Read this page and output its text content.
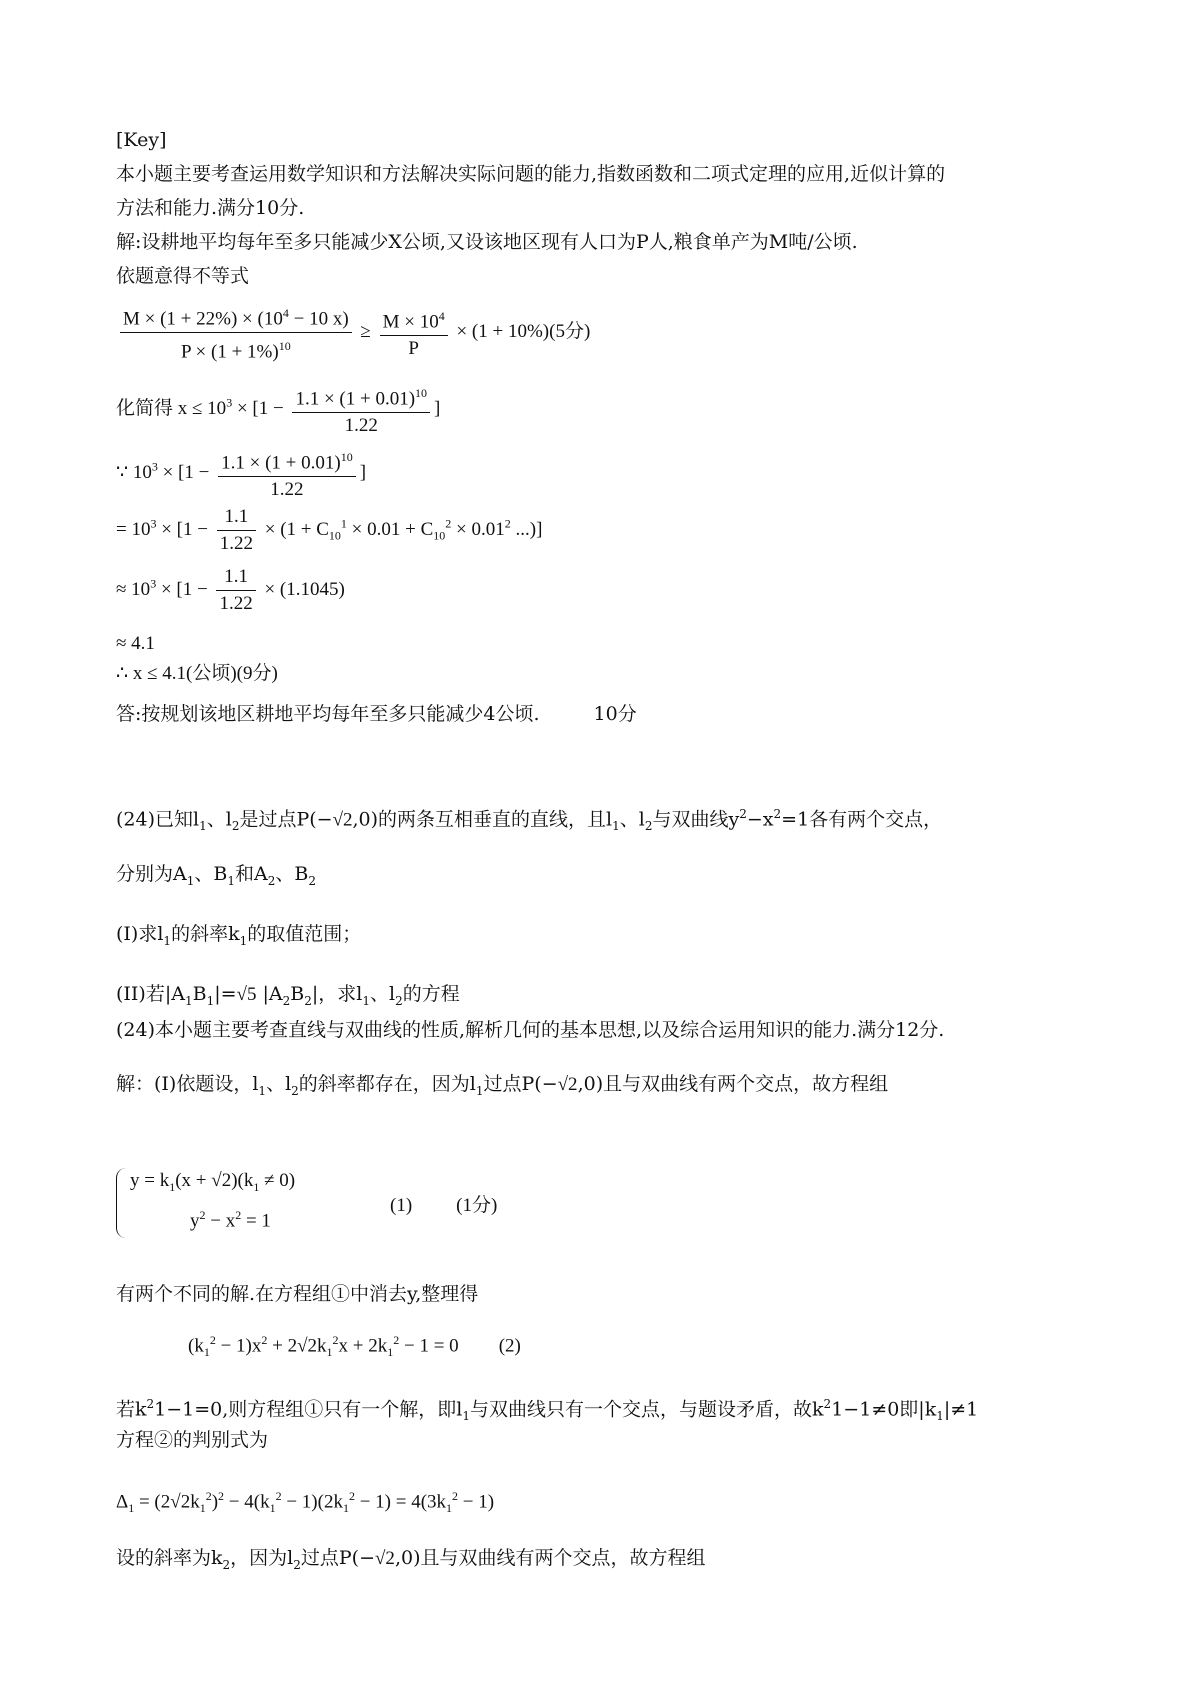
[Key]
本小题主要考查运用数学知识和方法解决实际问题的能力,指数函数和二项式定理的应用,近似计算的
方法和能力.满分10分.
解:设耕地平均每年至多只能减少X公顷,又设该地区现有人口为P人,粮食单产为M吨/公顷.
依题意得不等式
$\frac{M \times (1 + 22\%) \times (10^4 - 10 x)}{P \times (1 + 1\%)^{10}} \ge \frac{M \times 10^4}{P} \times (1 + 10\%)(5$分)
化简得 $x \le 10^3 \times [1 - \frac{1.1 \times (1 + 0.01)^{10}}{1.22}$ ]
∵ $10^3 \times [1 - \frac{1.1 \times (1 + 0.01)^{10}}{1.22}$ ]
= $10^3 \times [1 - \frac{1.1}{1.22} \times (1 + C_{10}^1 \times 0.01 + C_{10}^2 \times 0.01^2$ ...)]
≈ $10^3 \times [1 - \frac{1.1}{1.22} \times (1.1045)$
≈ 4.1
∴ x ≤ 4.1(公顷)(9分)
答:按规划该地区耕地平均每年至多只能减少4公顷.	10分
(24)已知$l_1$、$l_2$是过点P(−√2,0)的两条互相垂直的直线，且$l_1$、$l_2$与双曲线$y^2-x^2=1$各有两个交点，
分别为$A_1$、$B_1$和$A_2$、$B_2$
(I)求$l_1$的斜率$k_1$的取值范围；
(II)若$|A_1B_1|=√5$ $|A_2B_2|$，求$l_1$、$l_2$的方程
(24)本小题主要考查直线与双曲线的性质,解析几何的基本思想,以及综合运用知识的能力.满分12分.
解：(I)依题设，$l_1$、$l_2$的斜率都存在，因为$l_1$过点P(−√2,0)且与双曲线有两个交点，故方程组
$y = k_1(x + √2)(k_1 \ne 0)$
$y^2 - x^2 = 1$
(1) (1分)
有两个不同的解.在方程组①中消去y,整理得
$(k_1^2 - 1)x^2 + 2√2k_1^2x + 2k_1^2 - 1 = 0$ (2)
若$k^21-1=0$,则方程组①只有一个解，即$l_1$与双曲线只有一个交点，与题设矛盾，故$k^21-1\ne 0$即$|k_1|\ne 1$
方程②的判别式为
$\Delta_1 = (2√2k_1^2)^2 - 4(k_1^2 - 1)(2k_1^2 - 1) = 4(3k_1^2 - 1)$
设的斜率为$k_2$，因为$l_2$过点P(−√2,0)且与双曲线有两个交点，故方程组
